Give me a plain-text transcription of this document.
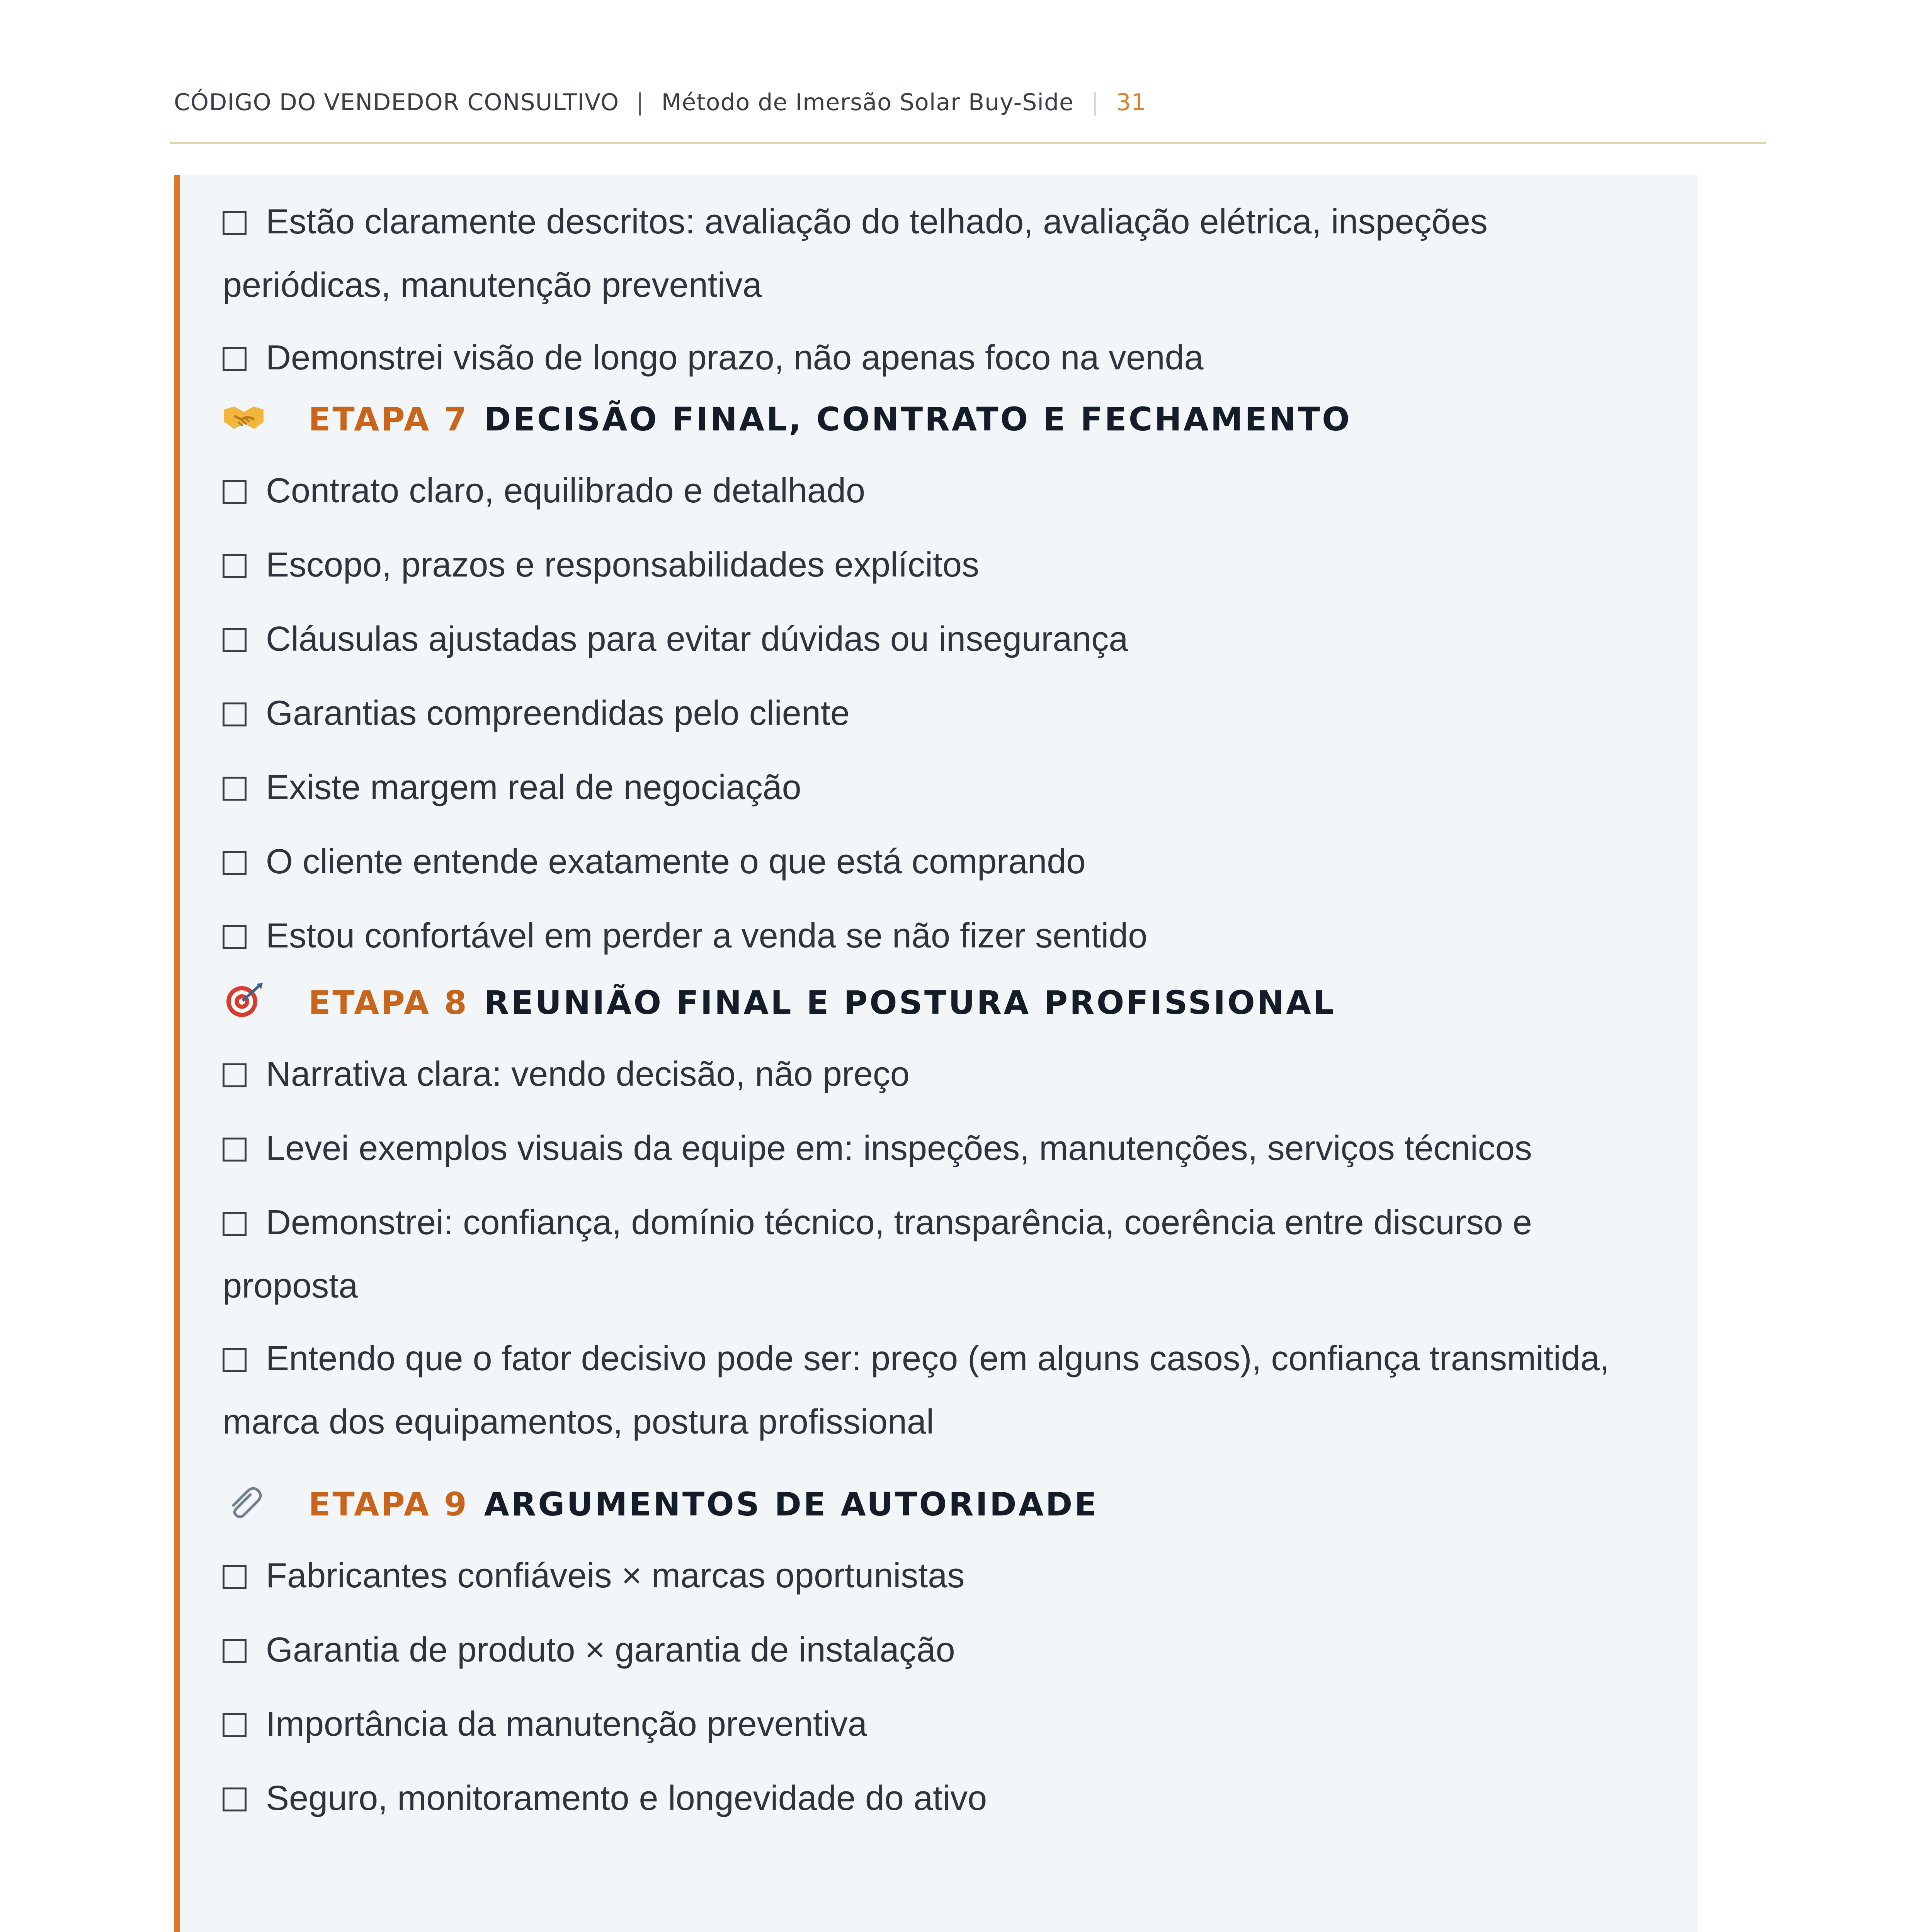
CÓDIGO DO VENDEDOR CONSULTIVO | Método de Imersão Solar Buy-Side | 31
Estão claramente descritos: avaliação do telhado, avaliação elétrica, inspeções
periódicas, manutenção preventiva
Demonstrei visão de longo prazo, não apenas foco na venda
ETAPA 7 DECISÃO FINAL, CONTRATO E FECHAMENTO
Contrato claro, equilibrado e detalhado
Escopo, prazos e responsabilidades explícitos
Cláusulas ajustadas para evitar dúvidas ou insegurança
Garantias compreendidas pelo cliente
Existe margem real de negociação
O cliente entende exatamente o que está comprando
Estou confortável em perder a venda se não fizer sentido
ETAPA 8 REUNIÃO FINAL E POSTURA PROFISSIONAL
Narrativa clara: vendo decisão, não preço
Levei exemplos visuais da equipe em: inspeções, manutenções, serviços técnicos
Demonstrei: confiança, domínio técnico, transparência, coerência entre discurso e
proposta
Entendo que o fator decisivo pode ser: preço (em alguns casos), confiança transmitida,
marca dos equipamentos, postura profissional
ETAPA 9 ARGUMENTOS DE AUTORIDADE
Fabricantes confiáveis × marcas oportunistas
Garantia de produto × garantia de instalação
Importância da manutenção preventiva
Seguro, monitoramento e longevidade do ativo
